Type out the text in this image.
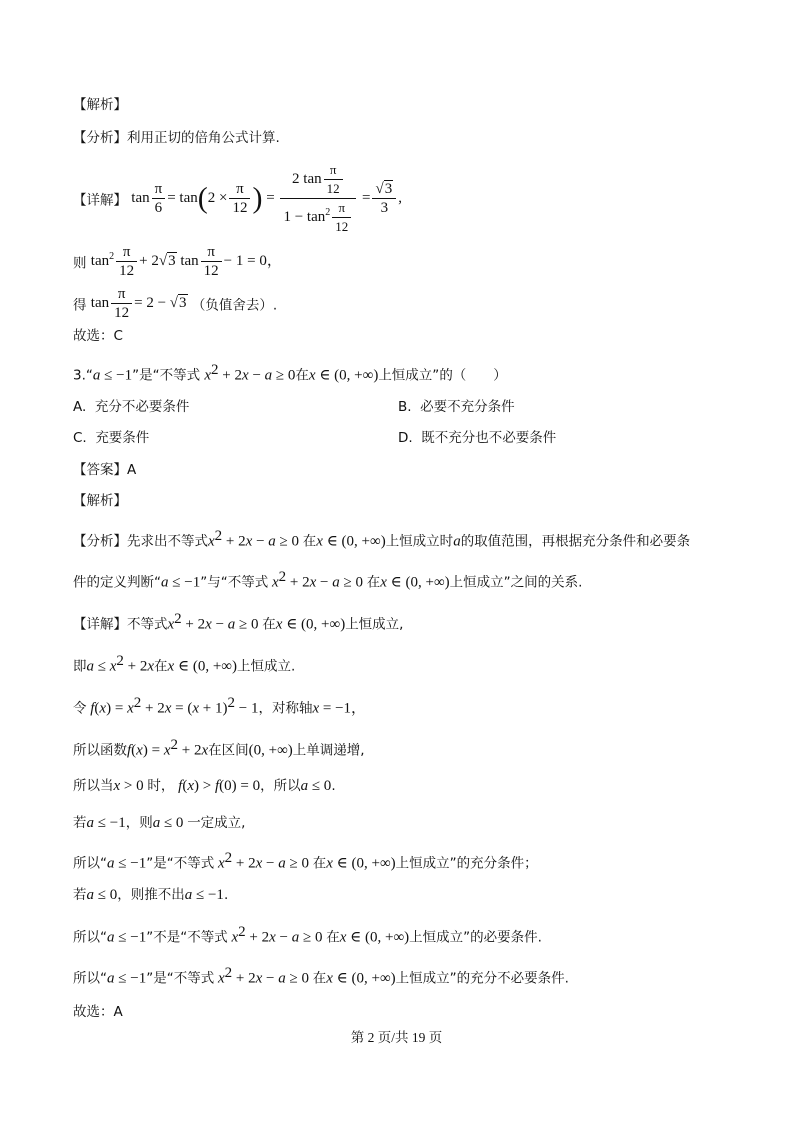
【解析】
【分析】利用正切的倍角公式计算.
【详解】 $\tan \frac{\pi}{6} = \tan(2 \times \frac{\pi}{12}$ ) = $\frac{2 \tan \frac{\pi}{12}}{1 - \tan^2 \frac{\pi}{12}} = \frac{√3}{3}$ ,
则 $\tan^2 \frac{\pi}{12} + 2√3$ $\tan \frac{\pi}{12} - 1 = 0$，
得 $\tan \frac{\pi}{12} = 2 - √3$ （负值舍去）.
故选：C
3.“a ≤ −1”是“不等式 $x^2 + 2x - a \ge 0$在x ∈ (0, +∞)上恒成立”的（　　）
A. 充分不必要条件	B. 必要不充分条件
C. 充要条件	D. 既不充分也不必要条件
【答案】A
【解析】
【分析】先求出不等式$x^2 + 2x - a \ge 0$ 在x ∈ (0, +∞)上恒成立时a的取值范围，再根据充分条件和必要条
件的定义判断“a ≤ −1”与“不等式 $x^2 + 2x - a \ge 0$ 在x ∈ (0, +∞)上恒成立”之间的关系.
【详解】不等式$x^2 + 2x - a \ge 0$ 在x ∈ (0, +∞)上恒成立,
即$a \le x^2 + 2x$在x ∈ (0, +∞)上恒成立.
令 $f(x) = x^2 + 2x = (x + 1)^2 - 1$，对称轴x = −1，
所以函数$f(x) = x^2 + 2x$在区间(0, +∞)上单调递增,
所以当x > 0 时， f(x) > f(0) = 0，所以a ≤ 0.
若a ≤ −1，则a ≤ 0 一定成立,
所以“a ≤ −1”是“不等式 $x^2 + 2x - a \ge 0$ 在x ∈ (0, +∞)上恒成立”的充分条件；
若a ≤ 0，则推不出a ≤ −1.
所以“a ≤ −1”不是“不等式 $x^2 + 2x - a \ge 0$ 在x ∈ (0, +∞)上恒成立”的必要条件.
所以“a ≤ −1”是“不等式 $x^2 + 2x - a \ge 0$ 在x ∈ (0, +∞)上恒成立”的充分不必要条件.
故选：A
第 2 页/共 19 页
